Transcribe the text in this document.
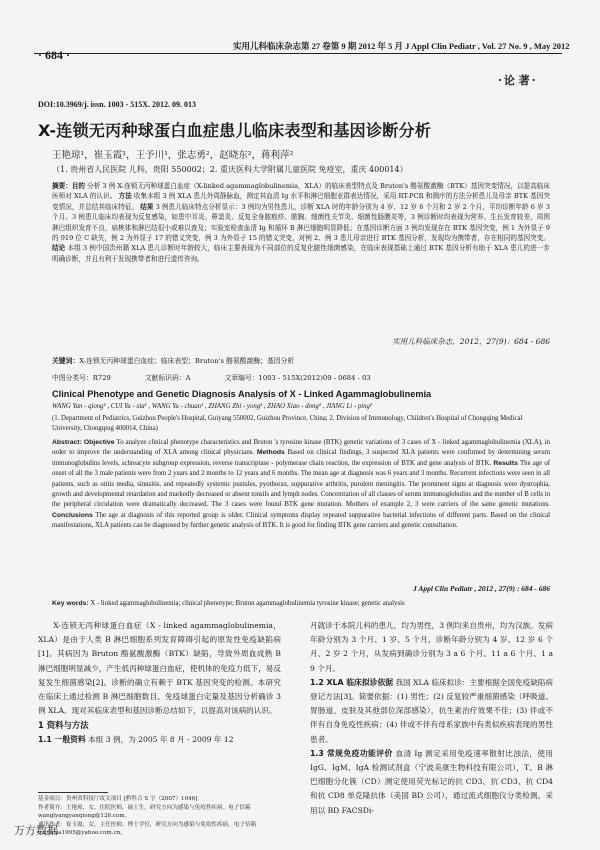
· 684 ·
实用儿科临床杂志第 27 卷第 9 期 2012 年 5 月 J Appl Clin Pediatr , Vol. 27 No. 9 , May 2012
· 论 著 ·
DOI:10.3969/j. issn. 1003 - 515X. 2012. 09. 013
X-连锁无丙种球蛋白血症患儿临床表型和基因诊断分析
王艳琼¹，崔玉霞¹，王予川¹，张志勇²，赵晓东²，蒋利萍²
（1. 贵州省人民医院 儿科，贵阳 550002；2. 重庆医科大学附属儿童医院 免疫室，重庆 400014）
摘要：目的 分析 3 例 X-连锁无丙种球蛋白血症（X-linked agammaglobulinemia，XLA）的临床表型特点及 Bruton's 酪氨酸激酶（BTK）基因突变情况，以提高临床医师对 XLA 的认识。 方法 收集本组 3 例 XLA 患儿外周静脉血，测定其血清 Ig 水平和淋巴细胞亚群表达情况，采用 RT-PCR 和测序的方法分析患儿及母亲 BTK 基因突变情况，并总结其临床特征。 结果 3 例患儿临床特点分析显示：3 例均为男性患儿，诊断 XLA 时的年龄分别为 4 岁、12 岁 6 个月和 2 岁 2 个月，平均诊断年龄 6 岁 3 个月。3 例患儿临床均表现为反复感染，如患中耳炎、鼻窦炎、反复全身脓疱疹、脓胸、细菌性关节炎、细菌性肠膜炎等，3 例诊断时均表现为营养、生长发育较差，周围淋巴组织发育不良，扁桃体和淋巴结很小或难以查及；实验室检查血清 Ig 和循环 B 淋巴细胞明显降低；在基因诊断方面 3 例均发现存在 BTK 基因突变，例 1 为外显子 9 的 919 位 C 缺失，例 2 为外显子 17 的错义突变，例 3 为外显子 15 的错义突变，对例 2、例 3 患儿母亲进行 BTK 基因分析，发现均为携带者，存在相同的基因突变。 结论 本组 3 例中国贵州籍 XLA 患儿诊断时年龄较大，临床主要表现为不同部位的反复化脓性细菌感染，在临床表现基础上通过 BTK 基因分析有助于 XLA 患儿的进一步明确诊断，并且有利于发现携带者和进行遗传咨询。
实用儿科临床杂志，2012，27(9)：684 - 686
关键词：X-连锁无丙种球蛋白血症；临床表型；Bruton's 酪氨酸激酶；基因分析
中图分类号：R729	文献标识码：A	文章编号：1003 - 515X(2012)09 - 0684 - 03
Clinical Phenotype and Genetic Diagnosis Analysis of X - Linked Agammaglobulinemia
WANG Yan - qiong¹ , CUI Yu - xia¹ , WANG Yu - chuan¹ , ZHANG Zhi - yong² , ZHAO Xiao - dong² , JIANG Li - ping²
(1. Department of Pediatrics, Guizhou People's Hospital, Guiyang 550002, Guizhou Province, China; 2. Division of Immunology, Children's Hospital of Chongqing Medical University, Chongqing 400014, China)
Abstract: Objective To analyze clinical phenotype characteristics and Bruton 's tyrosine kinase (BTK) genetic variations of 3 cases of X - linked agammaglobulinemia (XLA), in order to improve the understanding of XLA among clinical physicians. Methods Based on clinical findings, 3 suspected XLA patients were confirmed by determining serum immunoglobulins levels, schreacyte subgroup expression, reverse transcriptase - polymerase chain reaction, the expression of BTK and gene analysis of BTK. Results The age of onset of all the 3 male patients were from 2 years and 2 months to 12 years and 6 months. The mean age at diagnosis was 6 years and 3 months. Recurrent infections were seen in all patients, such as otitis media, sinusitis, and repeatedly systemic pustules, pyothorax, suppurative arthritis, purulent meningitis. The prominent signs at diagnosis were dystrophia, growth and developmental retardation and markedly decreased or absent tonsils and lymph nodes. Concentration of all classes of serum immunoglobulins and the number of B cells in the peripheral circulation were dramatically decreased. The 3 cases were found BTK gene mutation. Mothers of example 2, 3 were carriers of the same genetic mutations. Conclusions The age at diagnosis of this reported group is older. Clinical symptoms display repeated suppurative bacterial infections of different parts. Based on the clinical manifestations, XLA patients can be diagnosed by further genetic analysis of BTK. It is good for finding BTK gene carriers and genetic consultation.
J Appl Clin Pediatr , 2012 , 27(9) : 684 - 686
Key words: X - linked agammaglobulinemia; clinical phenotype; Bruton agammaglobulinemia tyrosine kinase; genetic analysis

X-连锁无丙种球蛋白血症（X - linked agammaglobulinemia，XLA）是由于人类 B 淋巴细胞系列发育障碍引起的原发性免疫缺陷病[1]。其病因为 Bruton 酪氨酸激酶（BTK）缺陷，导致外周血成熟 B 淋巴细胞明显减少，产生低丙种球蛋白血症，使机体的免疫力低下，易反复发生细菌感染[2]。诊断的确立有赖于 BTK 基因突变的检测。本研究在临床上通过检测 B 淋巴细胞数目、免疫球蛋白定量及基因分析确诊 3 例 XLA。现对其临床表型和基因诊断总结如下，以提高对该病的认识。

1 资料与方法

1.1 一般资料 本组 3 例，为 2005 年 8 月 - 2009 年 12

月就诊于本院儿科的患儿，均为男性，3 例均来自贵州，均为汉族。发病年龄分别为 3 个月、1 岁、5 个月，诊断年龄分别为 4 岁、12 岁 6 个月、2 岁 2 个月，从发病到确诊分别为 3 a 6 个月、11 a 6 个月、1 a 9 个月。

1.2 XLA 临床拟诊依据 我国 XLA 临床拟诊：主要根据全国免疫缺陷病登记方法[3]。简要依据：(1) 男性；(2) 反复较严重细菌感染（呼吸道、胃肠道、皮肤及其他部位深部感染），抗生素治疗效果不佳；(3) 伴或不伴有自身免疫性疾病；(4) 伴或不伴有母系家族中有类似疾病表现的男性患者。

1.3 常规免疫功能评价 血清 Ig 测定采用免疫速率散射比浊法，使用 IgG、IgM、IgA 检测试剂盒（宁波美康生物科技有限公司），T、B 淋巴细胞分化簇（CD）测定使用荧光标记的抗 CD3、抗 CD3、抗 CD4 和抗 CD8 单克隆抗体（美国 BD 公司），通过流式细胞仪分类检测。采用以 BD FACSDi-

基金项目：贵州省科技厅攻关项目 [黔科合 S 字（2007）1046]
作者简介：王艳琼，女，住院医师，硕士生，研究方向为感染与免疫性疾病。电子信箱 wanglyangyanqiong@126.com。
通讯作者：崔玉霞，女，主任医师，博士学位，研究方向为感染与免疫性疾病。电子信箱 cuiyuxia1995@yahoo.com.cn。
万方数据
